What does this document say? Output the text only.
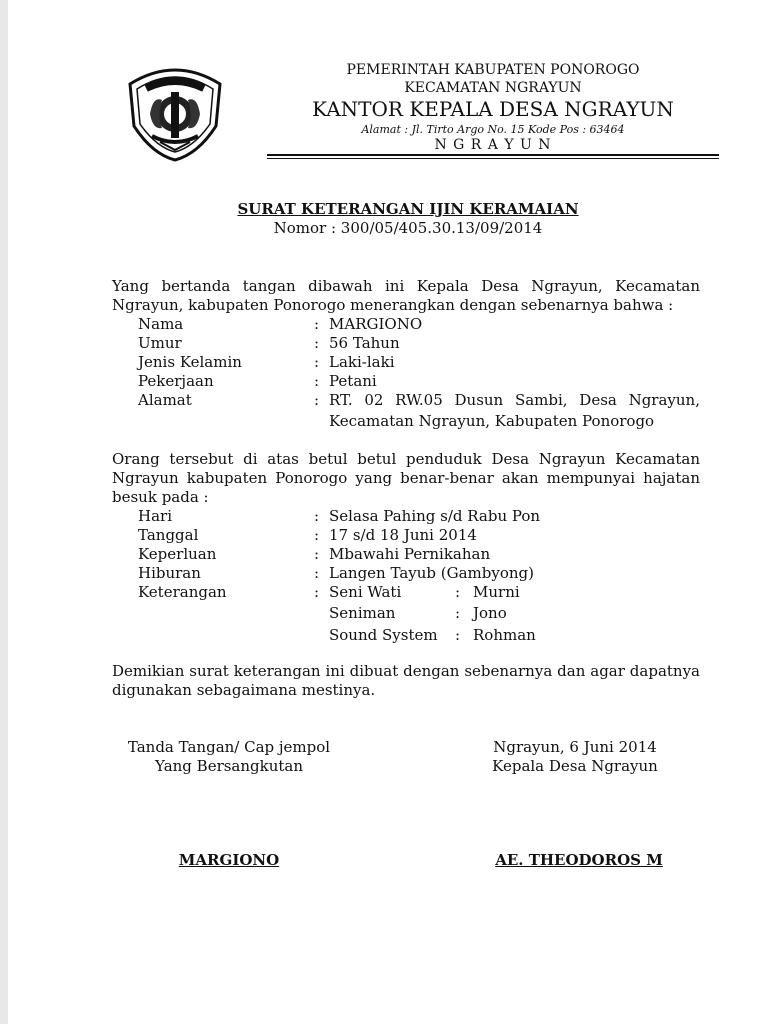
PEMERINTAH KABUPATEN PONOROGO
KECAMATAN NGRAYUN
KANTOR KEPALA DESA NGRAYUN
Alamat : Jl. Tirto Argo No. 15 Kode Pos : 63464
N G R A Y U N
SURAT KETERANGAN IJIN KERAMAIAN
Nomor : 300/05/405.30.13/09/2014
Yang bertanda tangan dibawah ini Kepala Desa Ngrayun, Kecamatan
Ngrayun, kabupaten Ponorogo menerangkan dengan sebenarnya bahwa :
Nama	: MARGIONO
Umur	: 56 Tahun
Jenis Kelamin	: Laki-laki
Pekerjaan	: Petani
Alamat	: RT. 02 RW.05 Dusun Sambi, Desa Ngrayun,
Kecamatan Ngrayun, Kabupaten Ponorogo
Orang tersebut di atas betul betul penduduk Desa Ngrayun Kecamatan
Ngrayun kabupaten Ponorogo yang benar-benar akan mempunyai hajatan
besuk pada :
Hari	: Selasa Pahing s/d Rabu Pon
Tanggal	: 17 s/d 18 Juni 2014
Keperluan	: Mbawahi Pernikahan
Hiburan	: Langen Tayub (Gambyong)
Keterangan	: Seni Wati	: Murni
Seniman	: Jono
Sound System : Rohman
Demikian surat keterangan ini dibuat dengan sebenarnya dan agar dapatnya
digunakan sebagaimana mestinya.
Tanda Tangan/ Cap jempol
Yang Bersangkutan
MARGIONO
Ngrayun, 6 Juni 2014
Kepala Desa Ngrayun
AE. THEODOROS M
